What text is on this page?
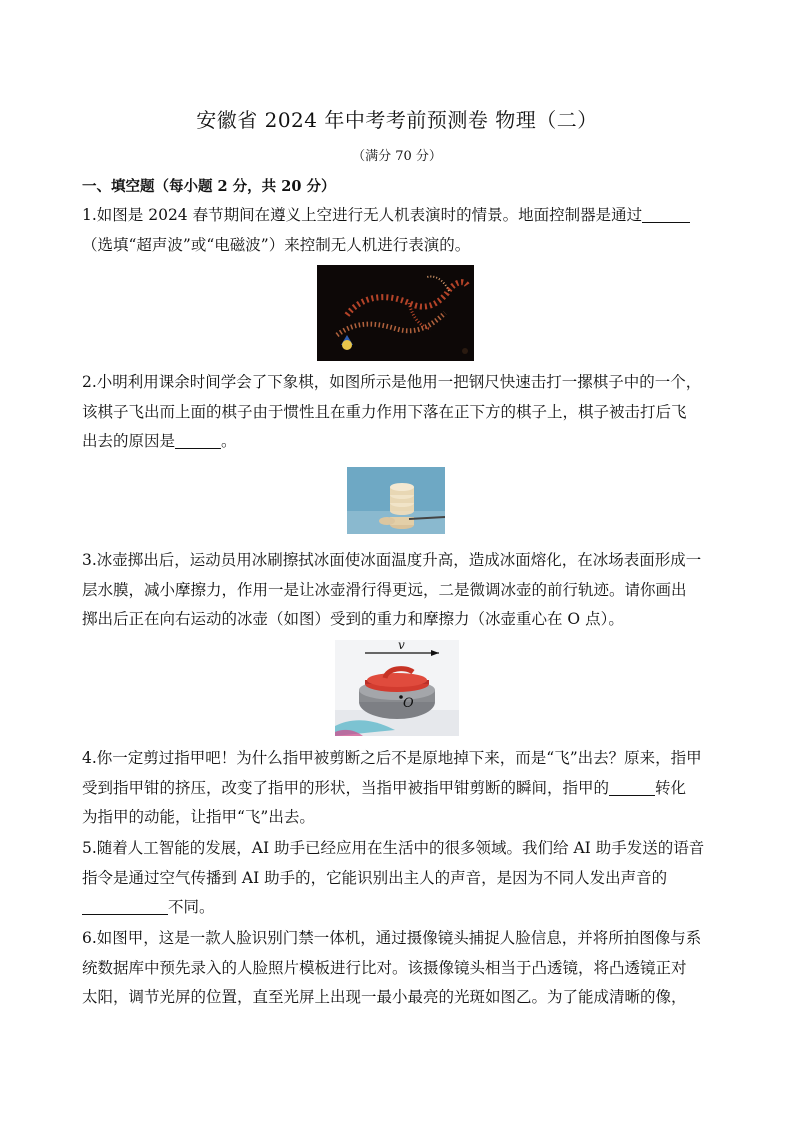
安徽省 2024 年中考考前预测卷 物理（二）
（满分 70 分）
一、填空题（每小题 2 分，共 20 分）
1.如图是 2024 春节期间在遵义上空进行无人机表演时的情景。地面控制器是通过
（选填“超声波”或“电磁波”）来控制无人机进行表演的。
2.小明利用课余时间学会了下象棋，如图所示是他用一把钢尺快速击打一摞棋子中的一个，
该棋子飞出而上面的棋子由于惯性且在重力作用下落在正下方的棋子上，棋子被击打后飞
出去的原因是	。
3.冰壶掷出后，运动员用冰刷擦拭冰面使冰面温度升高，造成冰面熔化，在冰场表面形成一
层水膜，减小摩擦力，作用一是让冰壶滑行得更远，二是微调冰壶的前行轨迹。请你画出
掷出后正在向右运动的冰壶（如图）受到的重力和摩擦力（冰壶重心在 O 点）。
v
O
4.你一定剪过指甲吧！为什么指甲被剪断之后不是原地掉下来，而是“飞”出去？原来，指甲
受到指甲钳的挤压，改变了指甲的形状，当指甲被指甲钳剪断的瞬间，指甲的	转化
为指甲的动能，让指甲“飞”出去。
5.随着人工智能的发展，AI 助手已经应用在生活中的很多领域。我们给 AI 助手发送的语音
指令是通过空气传播到 AI 助手的，它能识别出主人的声音，是因为不同人发出声音的
不同。
6.如图甲，这是一款人脸识别门禁一体机，通过摄像镜头捕捉人脸信息，并将所拍图像与系
统数据库中预先录入的人脸照片模板进行比对。该摄像镜头相当于凸透镜，将凸透镜正对
太阳，调节光屏的位置，直至光屏上出现一最小最亮的光斑如图乙。为了能成清晰的像，
